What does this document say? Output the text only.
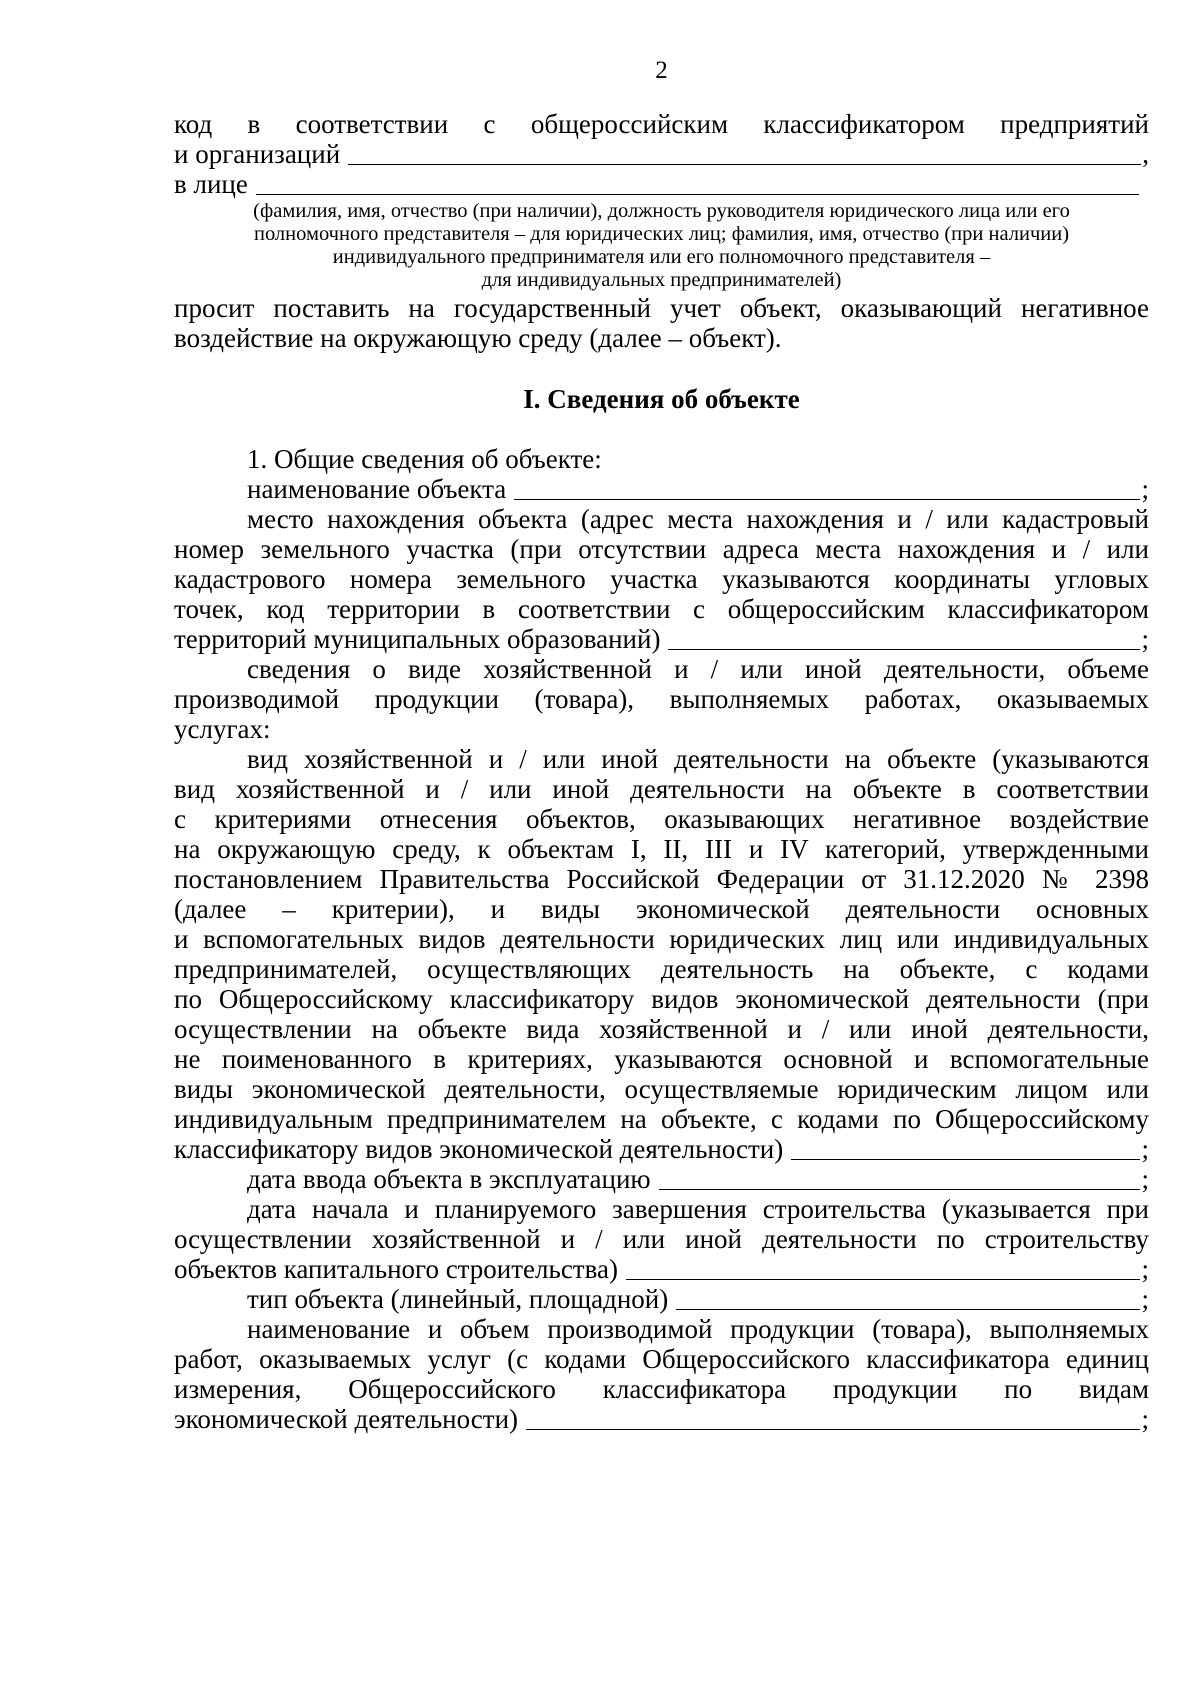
2
код в соответствии с общероссийским классификатором предприятий
и организаций	,
в лице
(фамилия, имя, отчество (при наличии), должность руководителя юридического лица или его
полномочного представителя – для юридических лиц; фамилия, имя, отчество (при наличии)
индивидуального предпринимателя или его полномочного представителя –
для индивидуальных предпринимателей)
просит поставить на государственный учет объект, оказывающий негативное
воздействие на окружающую среду (далее – объект).
I. Сведения об объекте
1. Общие сведения об объекте:
наименование объекта	;
место нахождения объекта (адрес места нахождения и / или кадастровый
номер земельного участка (при отсутствии адреса места нахождения и / или
кадастрового номера земельного участка указываются координаты угловых
точек, код территории в соответствии с общероссийским классификатором
территорий муниципальных образований)	;
сведения о виде хозяйственной и / или иной деятельности, объеме
производимой продукции (товара), выполняемых работах, оказываемых
услугах:
вид хозяйственной и / или иной деятельности на объекте (указываются
вид хозяйственной и / или иной деятельности на объекте в соответствии
с критериями отнесения объектов, оказывающих негативное воздействие
на окружающую среду, к объектам I, II, III и IV категорий, утвержденными
постановлением Правительства Российской Федерации от 31.12.2020 № 2398
(далее – критерии), и виды экономической деятельности основных
и вспомогательных видов деятельности юридических лиц или индивидуальных
предпринимателей, осуществляющих деятельность на объекте, с кодами
по Общероссийскому классификатору видов экономической деятельности (при
осуществлении на объекте вида хозяйственной и / или иной деятельности,
не поименованного в критериях, указываются основной и вспомогательные
виды экономической деятельности, осуществляемые юридическим лицом или
индивидуальным предпринимателем на объекте, с кодами по Общероссийскому
классификатору видов экономической деятельности)	;
дата ввода объекта в эксплуатацию	;
дата начала и планируемого завершения строительства (указывается при
осуществлении хозяйственной и / или иной деятельности по строительству
объектов капитального строительства)	;
тип объекта (линейный, площадной)	;
наименование и объем производимой продукции (товара), выполняемых
работ, оказываемых услуг (с кодами Общероссийского классификатора единиц
измерения, Общероссийского классификатора продукции по видам
экономической деятельности)	;
